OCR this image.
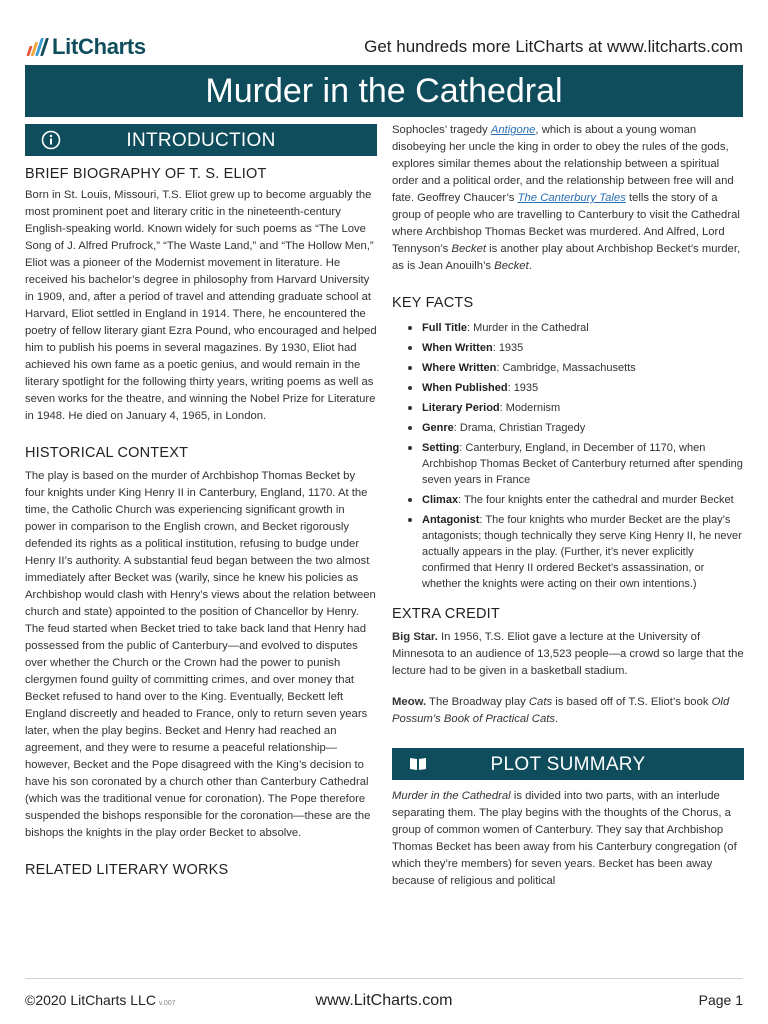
LitCharts	Get hundreds more LitCharts at www.litcharts.com
Murder in the Cathedral
INTRODUCTION
BRIEF BIOGRAPHY OF T. S. ELIOT

Born in St. Louis, Missouri, T.S. Eliot grew up to become arguably the most prominent poet and literary critic in the nineteenth-century English-speaking world. Known widely for such poems as “The Love Song of J. Alfred Prufrock,” “The Waste Land,” and “The Hollow Men,” Eliot was a pioneer of the Modernist movement in literature. He received his bachelor’s degree in philosophy from Harvard University in 1909, and, after a period of travel and attending graduate school at Harvard, Eliot settled in England in 1914. There, he encountered the poetry of fellow literary giant Ezra Pound, who encouraged and helped him to publish his poems in several magazines. By 1930, Eliot had achieved his own fame as a poetic genius, and would remain in the literary spotlight for the following thirty years, writing poems as well as seven works for the theatre, and winning the Nobel Prize for Literature in 1948. He died on January 4, 1965, in London.

HISTORICAL CONTEXT

The play is based on the murder of Archbishop Thomas Becket by four knights under King Henry II in Canterbury, England, 1170. At the time, the Catholic Church was experiencing significant growth in power in comparison to the English crown, and Becket rigorously defended its rights as a political institution, refusing to budge under Henry II’s authority. A substantial feud began between the two almost immediately after Becket was (warily, since he knew his policies as Archbishop would clash with Henry’s views about the relation between church and state) appointed to the position of Chancellor by Henry. The feud started when Becket tried to take back land that Henry had possessed from the public of Canterbury—and evolved to disputes over whether the Church or the Crown had the power to punish clergymen found guilty of committing crimes, and over money that Becket refused to hand over to the King. Eventually, Beckett left England discreetly and headed to France, only to return seven years later, when the play begins. Becket and Henry had reached an agreement, and they were to resume a peaceful relationship—however, Becket and the Pope disagreed with the King’s decision to have his son coronated by a church other than Canterbury Cathedral (which was the traditional venue for coronation). The Pope therefore suspended the bishops responsible for the coronation—these are the bishops the knights in the play order Becket to absolve.

RELATED LITERARY WORKS

Sophocles’ tragedy Antigone, which is about a young woman disobeying her uncle the king in order to obey the rules of the gods, explores similar themes about the relationship between a spiritual order and a political order, and the relationship between free will and fate. Geoffrey Chaucer’s The Canterbury Tales tells the story of a group of people who are travelling to Canterbury to visit the Cathedral where Archbishop Thomas Becket was murdered. And Alfred, Lord Tennyson’s Becket is another play about Archbishop Becket’s murder, as is Jean Anouilh’s Becket.

KEY FACTS
Full Title: Murder in the Cathedral
When Written: 1935
Where Written: Cambridge, Massachusetts
When Published: 1935
Literary Period: Modernism
Genre: Drama, Christian Tragedy
Setting: Canterbury, England, in December of 1170, when Archbishop Thomas Becket of Canterbury returned after spending seven years in France
Climax: The four knights enter the cathedral and murder Becket
Antagonist: The four knights who murder Becket are the play’s antagonists; though technically they serve King Henry II, he never actually appears in the play. (Further, it’s never explicitly confirmed that Henry II ordered Becket’s assassination, or whether the knights were acting on their own intentions.)
EXTRA CREDIT

Big Star. In 1956, T.S. Eliot gave a lecture at the University of Minnesota to an audience of 13,523 people—a crowd so large that the lecture had to be given in a basketball stadium.

Meow. The Broadway play Cats is based off of T.S. Eliot’s book Old Possum’s Book of Practical Cats.

PLOT SUMMARY

Murder in the Cathedral is divided into two parts, with an interlude separating them. The play begins with the thoughts of the Chorus, a group of common women of Canterbury. They say that Archbishop Thomas Becket has been away from his Canterbury congregation (of which they’re members) for seven years. Becket has been away because of religious and political

©2020 LitCharts LLC v.007	www.LitCharts.com	Page 1
